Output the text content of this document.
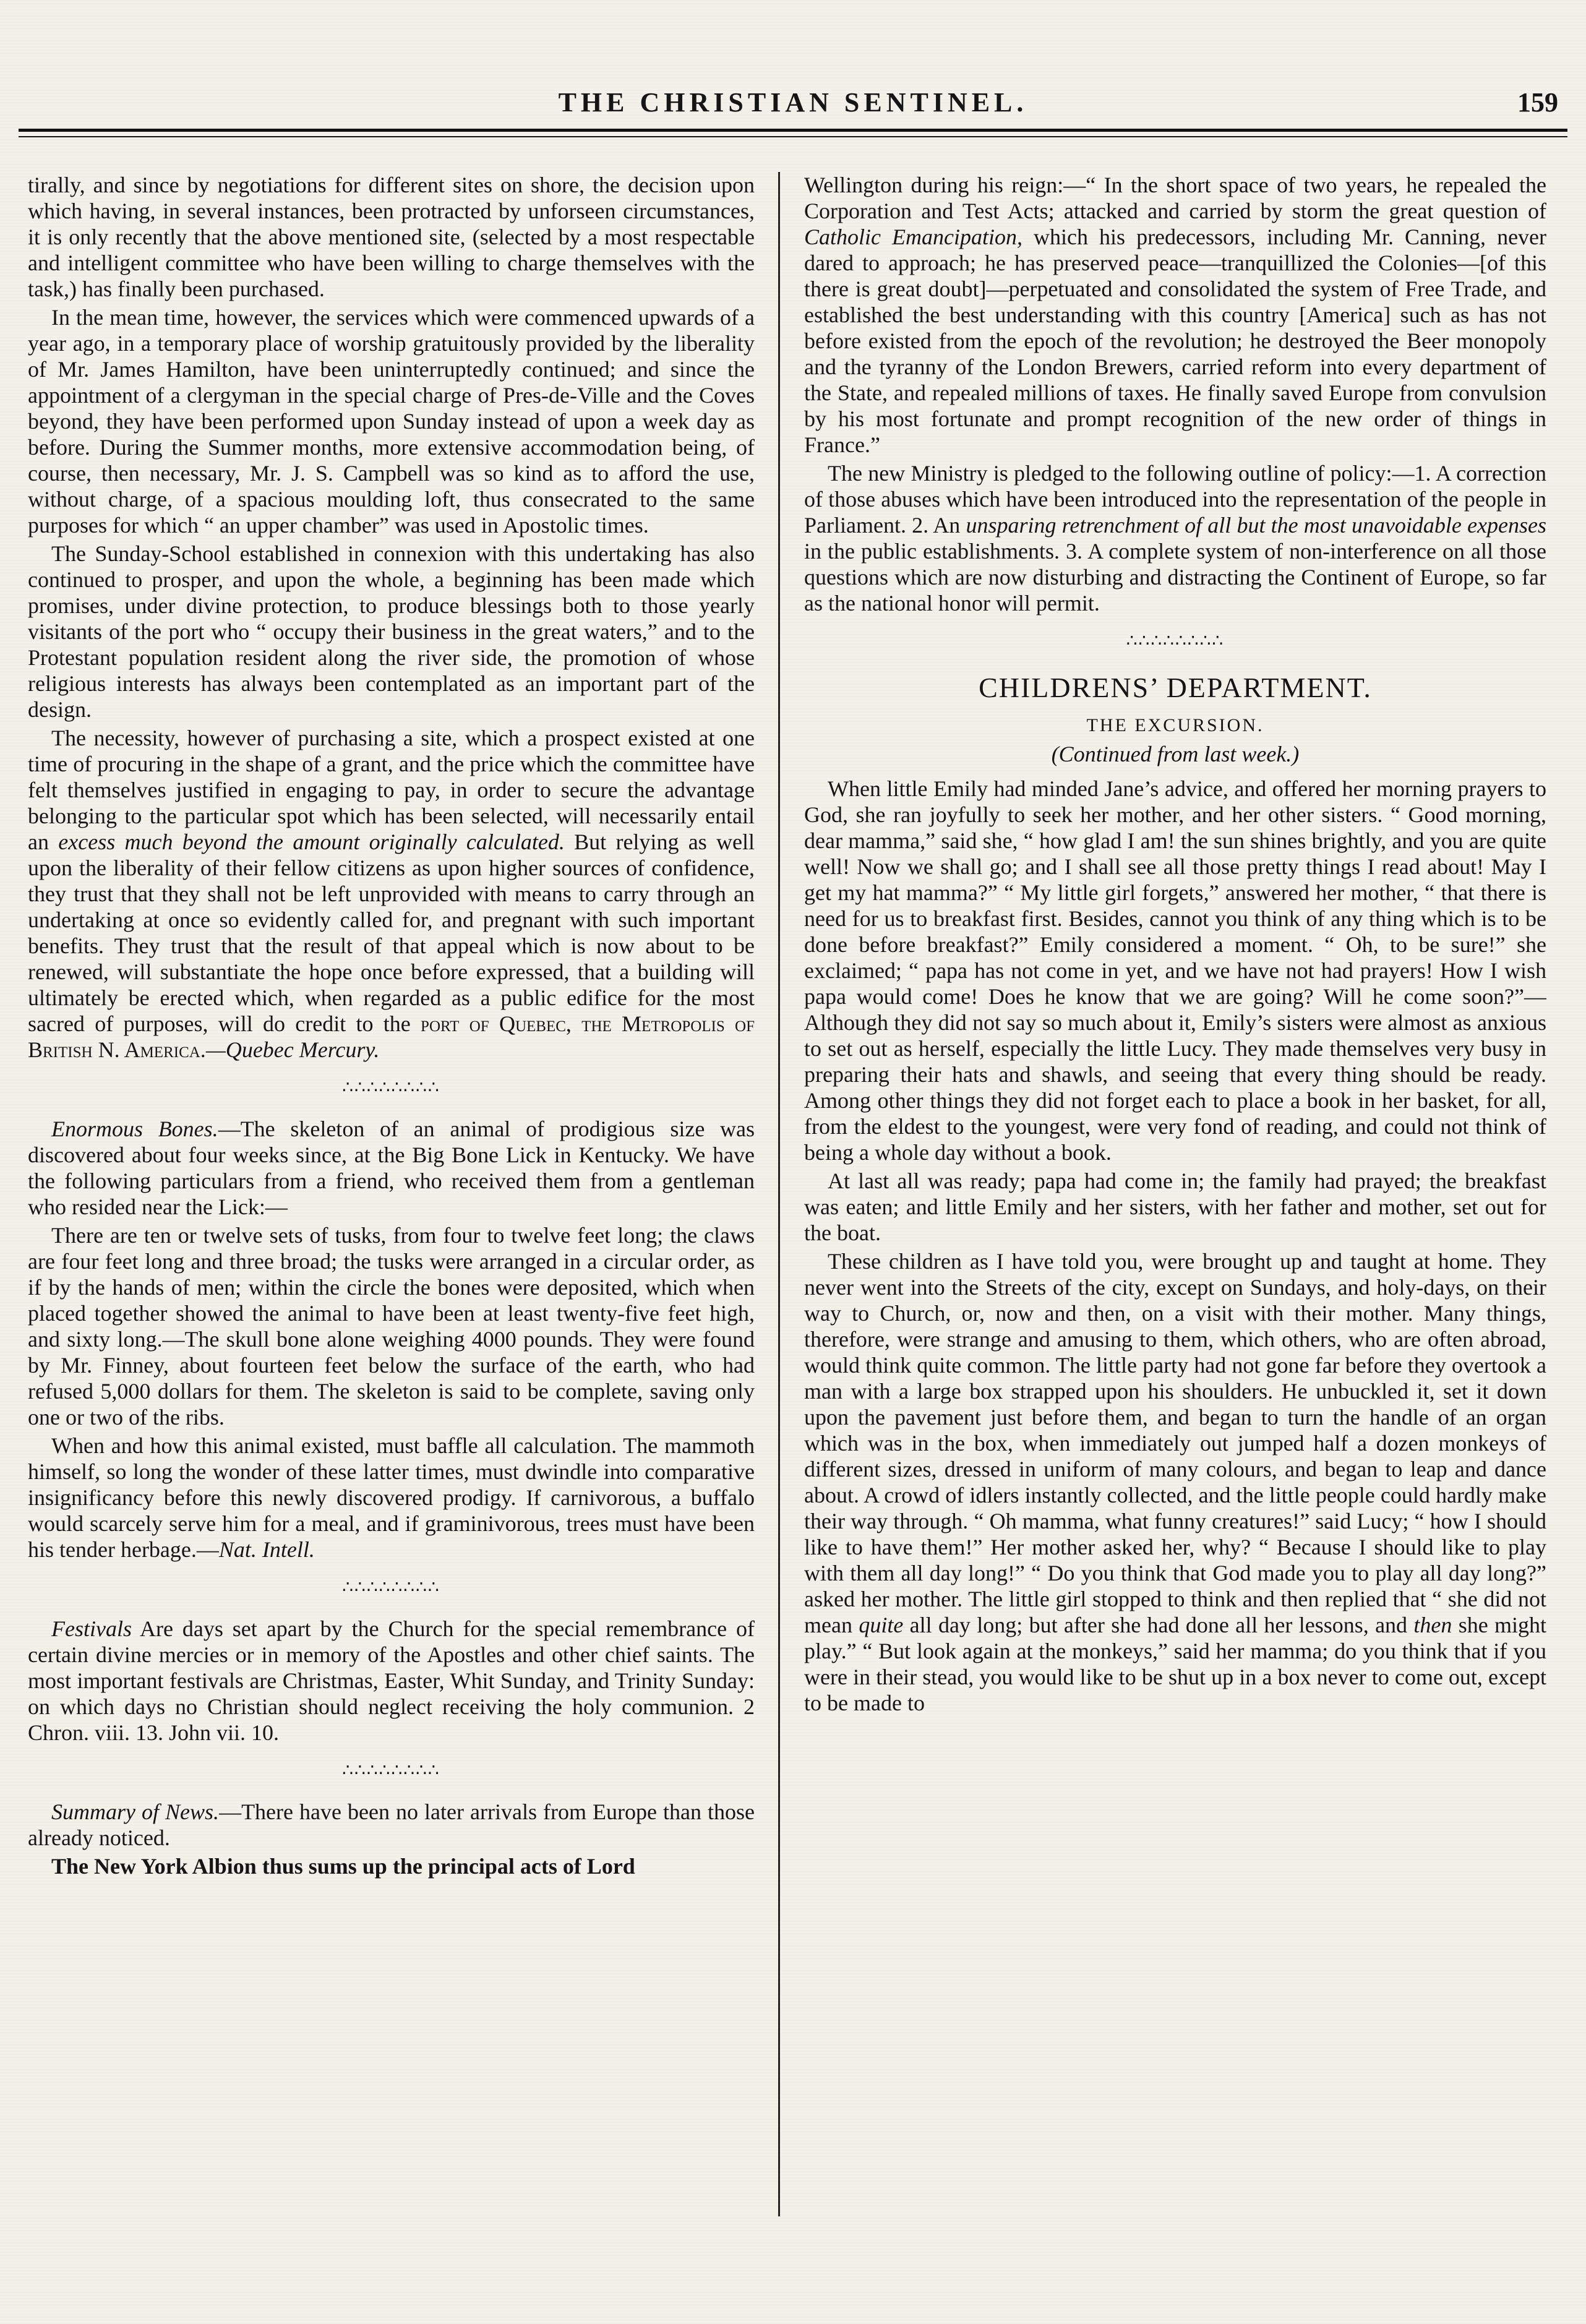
THE CHRISTIAN SENTINEL.	159

tirally, and since by negotiations for different sites on shore, the decision upon which having, in several instances, been protracted by unforseen circumstances, it is only recently that the above mentioned site, (selected by a most respectable and intelligent committee who have been willing to charge themselves with the task,) has finally been purchased.

In the mean time, however, the services which were commenced upwards of a year ago, in a temporary place of worship gratuitously provided by the liberality of Mr. James Hamilton, have been uninterruptedly continued; and since the appointment of a clergyman in the special charge of Pres-de-Ville and the Coves beyond, they have been performed upon Sunday instead of upon a week day as before. During the Summer months, more extensive accommodation being, of course, then necessary, Mr. J. S. Campbell was so kind as to afford the use, without charge, of a spacious moulding loft, thus consecrated to the same purposes for which “ an upper chamber” was used in Apostolic times.

The Sunday-School established in connexion with this undertaking has also continued to prosper, and upon the whole, a beginning has been made which promises, under divine protection, to produce blessings both to those yearly visitants of the port who “ occupy their business in the great waters,” and to the Protestant population resident along the river side, the promotion of whose religious interests has always been contemplated as an important part of the design.

The necessity, however of purchasing a site, which a prospect existed at one time of procuring in the shape of a grant, and the price which the committee have felt themselves justified in engaging to pay, in order to secure the advantage belonging to the particular spot which has been selected, will necessarily entail an excess much beyond the amount originally calculated. But relying as well upon the liberality of their fellow citizens as upon higher sources of confidence, they trust that they shall not be left unprovided with means to carry through an undertaking at once so evidently called for, and pregnant with such important benefits. They trust that the result of that appeal which is now about to be renewed, will substantiate the hope once before expressed, that a building will ultimately be erected which, when regarded as a public edifice for the most sacred of purposes, will do credit to the port of Quebec, the Metropolis of British N. America.—Quebec Mercury.

∴∴∴∴∴∴∴∴

Enormous Bones.—The skeleton of an animal of prodigious size was discovered about four weeks since, at the Big Bone Lick in Kentucky. We have the following particulars from a friend, who received them from a gentleman who resided near the Lick:—

There are ten or twelve sets of tusks, from four to twelve feet long; the claws are four feet long and three broad; the tusks were arranged in a circular order, as if by the hands of men; within the circle the bones were deposited, which when placed together showed the animal to have been at least twenty-five feet high, and sixty long.—The skull bone alone weighing 4000 pounds. They were found by Mr. Finney, about fourteen feet below the surface of the earth, who had refused 5,000 dollars for them. The skeleton is said to be complete, saving only one or two of the ribs.

When and how this animal existed, must baffle all calculation. The mammoth himself, so long the wonder of these latter times, must dwindle into comparative insignificancy before this newly discovered prodigy. If carnivorous, a buffalo would scarcely serve him for a meal, and if graminivorous, trees must have been his tender herbage.—Nat. Intell.

∴∴∴∴∴∴∴∴

Festivals Are days set apart by the Church for the special remembrance of certain divine mercies or in memory of the Apostles and other chief saints. The most important festivals are Christmas, Easter, Whit Sunday, and Trinity Sunday: on which days no Christian should neglect receiving the holy communion. 2 Chron. viii. 13. John vii. 10.

∴∴∴∴∴∴∴∴

Summary of News.—There have been no later arrivals from Europe than those already noticed.

The New York Albion thus sums up the principal acts of Lord

Wellington during his reign:—“ In the short space of two years, he repealed the Corporation and Test Acts; attacked and carried by storm the great question of Catholic Emancipation, which his predecessors, including Mr. Canning, never dared to approach; he has preserved peace—tranquillized the Colonies—[of this there is great doubt]—perpetuated and consolidated the system of Free Trade, and established the best understanding with this country [America] such as has not before existed from the epoch of the revolution; he destroyed the Beer monopoly and the tyranny of the London Brewers, carried reform into every department of the State, and repealed millions of taxes. He finally saved Europe from convulsion by his most fortunate and prompt recognition of the new order of things in France.”

The new Ministry is pledged to the following outline of policy:—1. A correction of those abuses which have been introduced into the representation of the people in Parliament. 2. An unsparing retrenchment of all but the most unavoidable expenses in the public establishments. 3. A complete system of non-interference on all those questions which are now disturbing and distracting the Continent of Europe, so far as the national honor will permit.

∴∴∴∴∴∴∴∴
CHILDRENS’ DEPARTMENT.
THE EXCURSION.
(Continued from last week.)

When little Emily had minded Jane’s advice, and offered her morning prayers to God, she ran joyfully to seek her mother, and her other sisters. “ Good morning, dear mamma,” said she, “ how glad I am! the sun shines brightly, and you are quite well! Now we shall go; and I shall see all those pretty things I read about! May I get my hat mamma?” “ My little girl forgets,” answered her mother, “ that there is need for us to breakfast first. Besides, cannot you think of any thing which is to be done before breakfast?” Emily considered a moment. “ Oh, to be sure!” she exclaimed; “ papa has not come in yet, and we have not had prayers! How I wish papa would come! Does he know that we are going? Will he come soon?”—Although they did not say so much about it, Emily’s sisters were almost as anxious to set out as herself, especially the little Lucy. They made themselves very busy in preparing their hats and shawls, and seeing that every thing should be ready. Among other things they did not forget each to place a book in her basket, for all, from the eldest to the youngest, were very fond of reading, and could not think of being a whole day without a book.

At last all was ready; papa had come in; the family had prayed; the breakfast was eaten; and little Emily and her sisters, with her father and mother, set out for the boat.

These children as I have told you, were brought up and taught at home. They never went into the Streets of the city, except on Sundays, and holy-days, on their way to Church, or, now and then, on a visit with their mother. Many things, therefore, were strange and amusing to them, which others, who are often abroad, would think quite common. The little party had not gone far before they overtook a man with a large box strapped upon his shoulders. He unbuckled it, set it down upon the pavement just before them, and began to turn the handle of an organ which was in the box, when immediately out jumped half a dozen monkeys of different sizes, dressed in uniform of many colours, and began to leap and dance about. A crowd of idlers instantly collected, and the little people could hardly make their way through. “ Oh mamma, what funny creatures!” said Lucy; “ how I should like to have them!” Her mother asked her, why? “ Because I should like to play with them all day long!” “ Do you think that God made you to play all day long?” asked her mother. The little girl stopped to think and then replied that “ she did not mean quite all day long; but after she had done all her lessons, and then she might play.” “ But look again at the monkeys,” said her mamma; do you think that if you were in their stead, you would like to be shut up in a box never to come out, except to be made to
